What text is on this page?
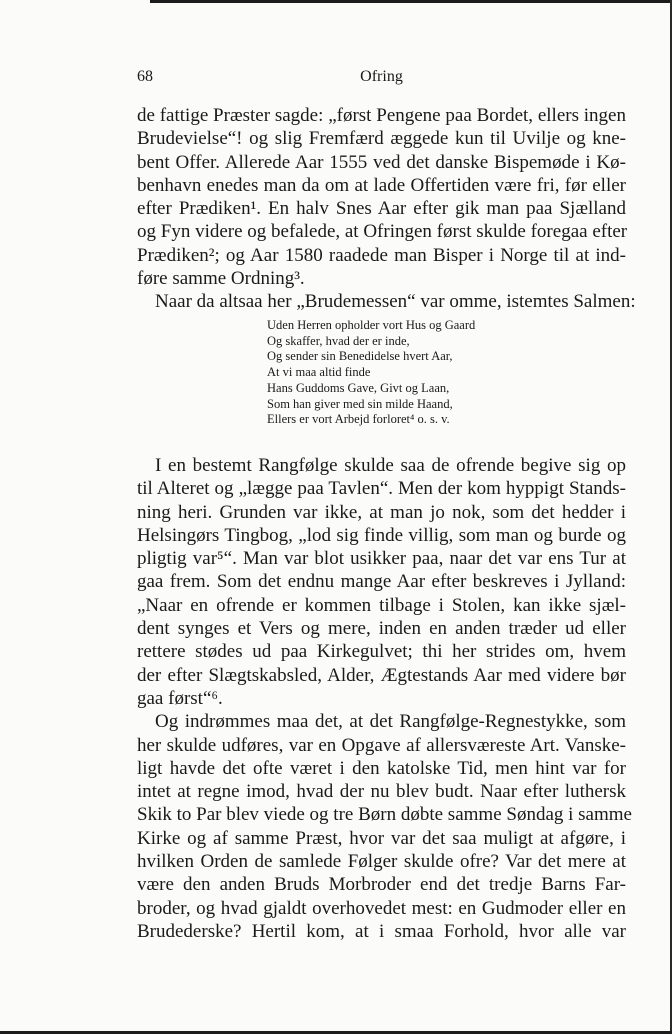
68	Ofring
de fattige Præster sagde: „først Pengene paa Bordet, ellers ingen
Brudevielse“! og slig Fremfærd æggede kun til Uvilje og kne-
bent Offer. Allerede Aar 1555 ved det danske Bispemøde i Kø-
benhavn enedes man da om at lade Offertiden være fri, før eller
efter Prædiken¹. En halv Snes Aar efter gik man paa Sjælland
og Fyn videre og befalede, at Ofringen først skulde foregaa efter
Prædiken²; og Aar 1580 raadede man Bisper i Norge til at ind-
føre samme Ordning³.
Naar da altsaa her „Brudemessen“ var omme, istemtes Salmen:
Uden Herren opholder vort Hus og Gaard
Og skaffer, hvad der er inde,
Og sender sin Benedidelse hvert Aar,
At vi maa altid finde
Hans Guddoms Gave, Givt og Laan,
Som han giver med sin milde Haand,
Ellers er vort Arbejd forloret⁴ o. s. v.
I en bestemt Rangfølge skulde saa de ofrende begive sig op
til Alteret og „lægge paa Tavlen“. Men der kom hyppigt Stands-
ning heri. Grunden var ikke, at man jo nok, som det hedder i
Helsingørs Tingbog, „lod sig finde villig, som man og burde og
pligtig var⁵“. Man var blot usikker paa, naar det var ens Tur at
gaa frem. Som det endnu mange Aar efter beskreves i Jylland:
„Naar en ofrende er kommen tilbage i Stolen, kan ikke sjæl-
dent synges et Vers og mere, inden en anden træder ud eller
rettere stødes ud paa Kirkegulvet; thi her strides om, hvem
der efter Slægtskabsled, Alder, Ægtestands Aar med videre bør
gaa først“⁶.
Og indrømmes maa det, at det Rangfølge-Regnestykke, som
her skulde udføres, var en Opgave af allersværeste Art. Vanske-
ligt havde det ofte været i den katolske Tid, men hint var for
intet at regne imod, hvad der nu blev budt. Naar efter luthersk
Skik to Par blev viede og tre Børn døbte samme Søndag i samme
Kirke og af samme Præst, hvor var det saa muligt at afgøre, i
hvilken Orden de samlede Følger skulde ofre? Var det mere at
være den anden Bruds Morbroder end det tredje Barns Far-
broder, og hvad gjaldt overhovedet mest: en Gudmoder eller en
Brudederske? Hertil kom, at i smaa Forhold, hvor alle var
